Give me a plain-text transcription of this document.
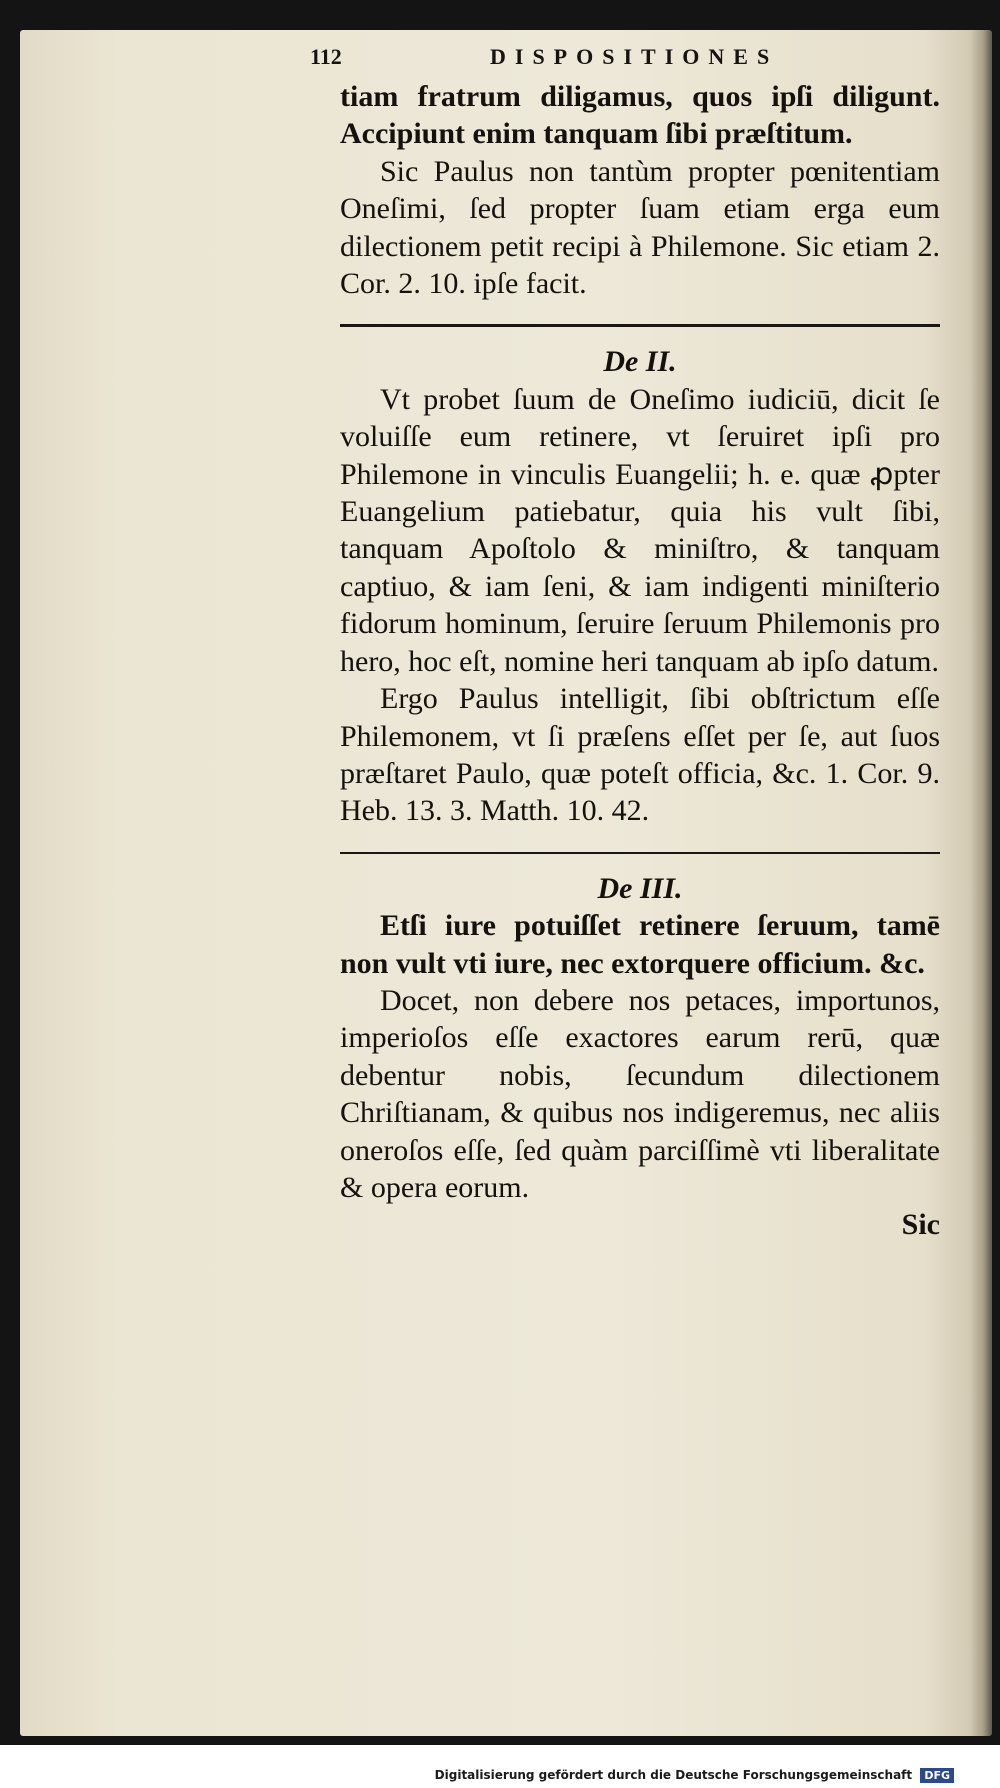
112	DISPOSITIONES

tiam fratrum diligamus, quos ipſi diligunt. Accipiunt enim tanquam ſibi præſtitum.

Sic Paulus non tantùm propter pœnitentiam Oneſimi, ſed propter ſuam etiam erga eum dilectionem petit recipi à Philemone. Sic etiam 2. Cor. 2. 10. ipſe facit.

De II.

Vt probet ſuum de Oneſimo iudiciū, dicit ſe voluiſſe eum retinere, vt ſeruiret ipſi pro Philemone in vinculis Euangelii; h. e. quæ ꝓpter Euangelium patiebatur, quia his vult ſibi, tanquam Apoſtolo & miniſtro, & tanquam captiuo, & iam ſeni, & iam indigenti miniſterio fidorum hominum, ſeruire ſeruum Philemonis pro hero, hoc eſt, nomine heri tanquam ab ipſo datum.

Ergo Paulus intelligit, ſibi obſtrictum eſſe Philemonem, vt ſi præſens eſſet per ſe, aut ſuos præſtaret Paulo, quæ poteſt officia, &c. 1. Cor. 9. Heb. 13. 3. Matth. 10. 42.

De III.

Etſi iure potuiſſet retinere ſeruum, tamē non vult vti iure, nec extorquere officium. &c.

Docet, non debere nos petaces, importunos, imperioſos eſſe exactores earum rerū, quæ debentur nobis, ſecundum dilectionem Chriſtianam, & quibus nos indigeremus, nec aliis oneroſos eſſe, ſed quàm parciſſimè vti liberalitate & opera eorum.

Sic

Digitalisierung gefördert durch die Deutsche Forschungsgemeinschaft DFG
